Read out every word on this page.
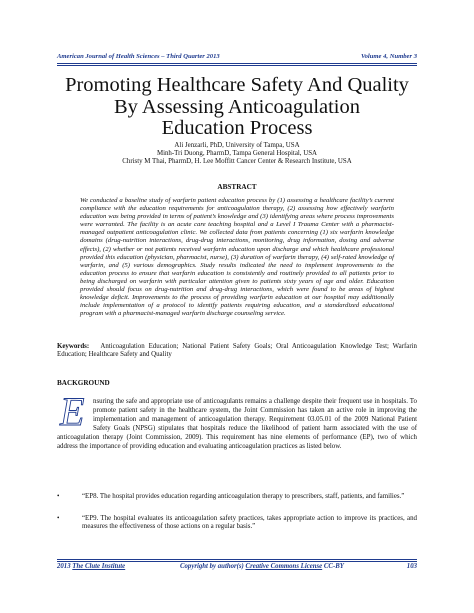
American Journal of Health Sciences – Third Quarter 2013	Volume 4, Number 3
Promoting Healthcare Safety And Quality
By Assessing Anticoagulation
Education Process
Ali Jenzarli, PhD, University of Tampa, USA
Minh-Tri Duong, PharmD, Tampa General Hospital, USA
Christy M Thai, PharmD, H. Lee Moffitt Cancer Center & Research Institute, USA
ABSTRACT
We conducted a baseline study of warfarin patient education process by (1) assessing a healthcare facility’s current compliance with the education requirements for anticoagulation therapy, (2) assessing how effectively warfarin education was being provided in terms of patient’s knowledge and (3) identifying areas where process improvements were warranted. The facility is an acute care teaching hospital and a Level I Trauma Center with a pharmacist-managed outpatient anticoagulation clinic. We collected data from patients concerning (1) six warfarin knowledge domains (drug-nutrition interactions, drug-drug interactions, monitoring, drug information, dosing and adverse effects), (2) whether or not patients received warfarin education upon discharge and which healthcare professional provided this education (physician, pharmacist, nurse), (3) duration of warfarin therapy, (4) self-rated knowledge of warfarin, and (5) various demographics. Study results indicated the need to implement improvements to the education process to ensure that warfarin education is consistently and routinely provided to all patients prior to being discharged on warfarin with particular attention given to patients sixty years of age and older. Education provided should focus on drug-nutrition and drug-drug interactions, which were found to be areas of highest knowledge deficit. Improvements to the process of providing warfarin education at our hospital may additionally include implementation of a protocol to identify patients requiring education, and a standardized educational program with a pharmacist-managed warfarin discharge counseling service.
Keywords: Anticoagulation Education; National Patient Safety Goals; Oral Anticoagulation Knowledge Test; Warfarin Education; Healthcare Safety and Quality
BACKGROUND
E	nsuring the safe and appropriate use of anticoagulants remains a challenge despite their frequent use in hospitals. To promote patient safety in the healthcare system, the Joint Commission has taken an active role in improving the implementation and management of anticoagulation therapy. Requirement 03.05.01 of the 2009 National Patient Safety Goals (NPSG) stipulates that hospitals reduce the likelihood of patient harm associated with the use of anticoagulation therapy (Joint Commission, 2009). This requirement has nine elements of performance (EP), two of which address the importance of providing education and evaluating anticoagulation practices as listed below.
•	“EP8. The hospital provides education regarding anticoagulation therapy to prescribers, staff, patients, and families.”
•	“EP9. The hospital evaluates its anticoagulation safety practices, takes appropriate action to improve its practices, and measures the effectiveness of those actions on a regular basis.”
2013 The Clute Institute	Copyright by author(s) Creative Commons License CC-BY	103
